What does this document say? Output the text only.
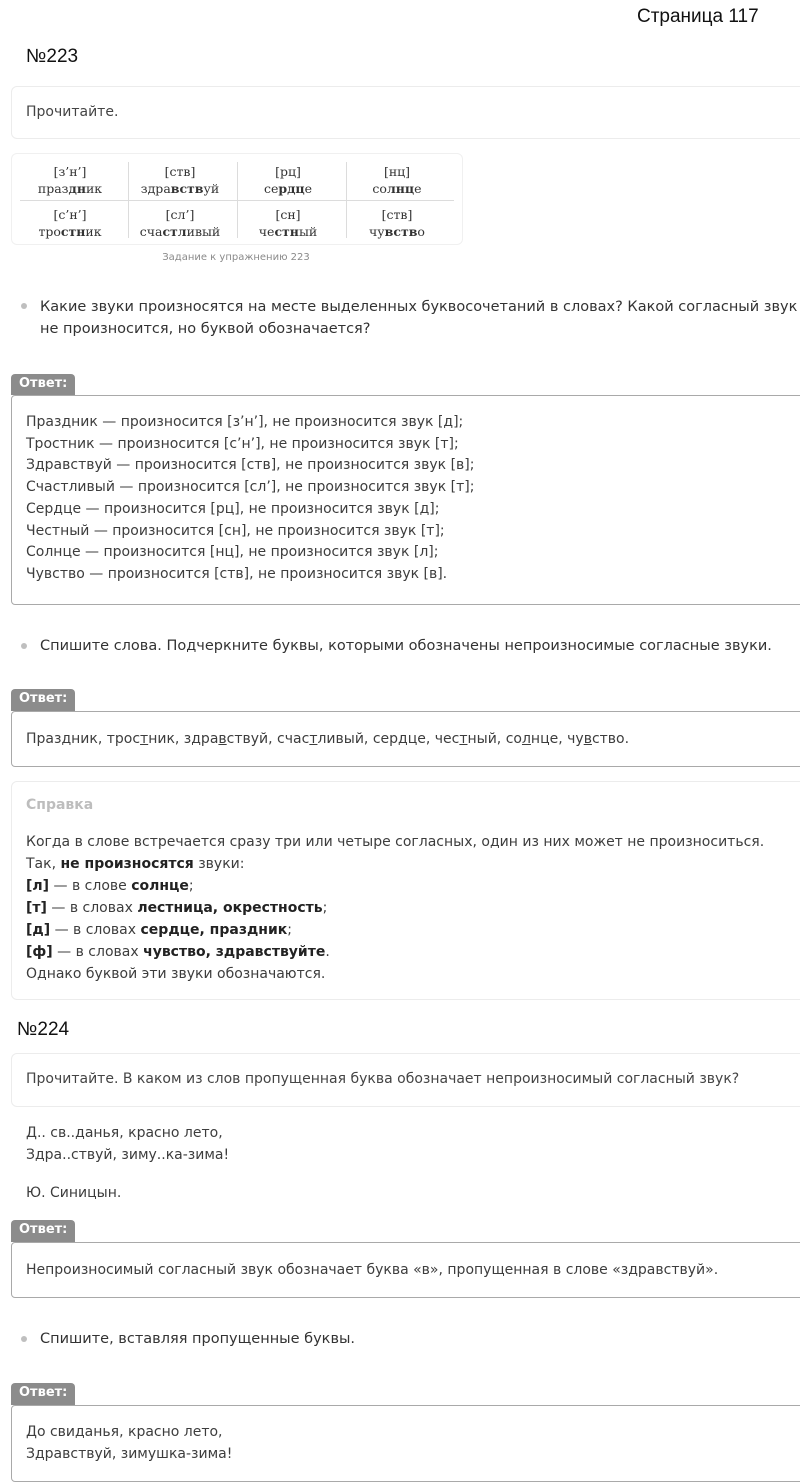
Страница 117
№223
Прочитайте.
[з’н’]
праздник
[ств]
здравствуй
[рц]
сердце
[нц]
солнце
[с’н’]
тростник
[сл’]
счастливый
[сн]
честный
[ств]
чувство
Задание к упражнению 223
Какие звуки произносятся на месте выделенных буквосочетаний в словах? Какой согласный звук
не произносится, но буквой обозначается?
Ответ:
Праздник — произносится [з’н’], не произносится звук [д];
Тростник — произносится [с’н’], не произносится звук [т];
Здравствуй — произносится [ств], не произносится звук [в];
Счастливый — произносится [сл’], не произносится звук [т];
Сердце — произносится [рц], не произносится звук [д];
Честный — произносится [сн], не произносится звук [т];
Солнце — произносится [нц], не произносится звук [л];
Чувство — произносится [ств], не произносится звук [в].
Спишите слова. Подчеркните буквы, которыми обозначены непроизносимые согласные звуки.
Ответ:
Праздник, тростник, здравствуй, счастливый, сердце, честный, солнце, чувство.
Справка
Когда в слове встречается сразу три или четыре согласных, один из них может не произноситься.
Так, не произносятся звуки:
[л] — в слове солнце;
[т] — в словах лестница, окрестность;
[д] — в словах сердце, праздник;
[ф] — в словах чувство, здравствуйте.
Однако буквой эти звуки обозначаются.
№224
Прочитайте. В каком из слов пропущенная буква обозначает непроизносимый согласный звук?
Д.. св..данья, красно лето,
Здра..ствуй, зиму..ка-зима!
Ю. Синицын.
Ответ:
Непроизносимый согласный звук обозначает буква «в», пропущенная в слове «здравствуй».
Спишите, вставляя пропущенные буквы.
Ответ:
До свиданья, красно лето,
Здравствуй, зимушка-зима!
